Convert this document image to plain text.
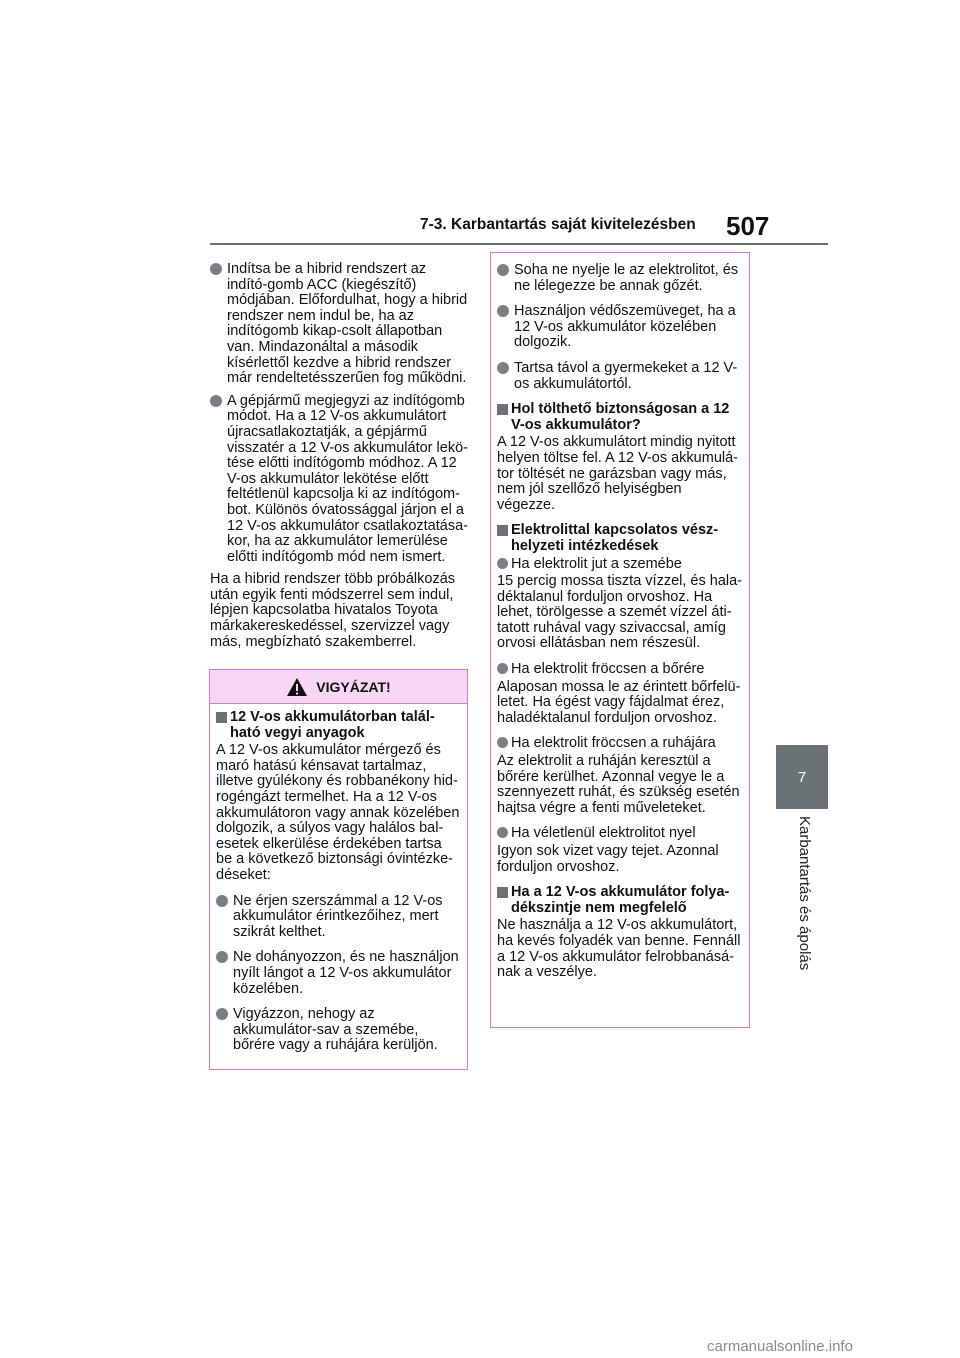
7-3. Karbantartás saját kivitelezésben 507
7
Karbantartás és ápolás
Indítsa be a hibrid rendszert az indító-gomb ACC (kiegészítő) módjában. Előfordulhat, hogy a hibrid rendszer nem indul be, ha az indítógomb kikap-csolt állapotban van. Mindazonáltal a második kísérlettől kezdve a hibrid rendszer már rendeltetésszerűen fog működni.
A gépjármű megjegyzi az indítógomb módot. Ha a 12 V-os akkumulátort újracsatlakoztatják, a gépjármű visszatér a 12 V-os akkumulátor lekö-tése előtti indítógomb módhoz. A 12 V-os akkumulátor lekötése előtt feltétlenül kapcsolja ki az indítógom-bot. Különös óvatossággal járjon el a 12 V-os akkumulátor csatlakoztatása-kor, ha az akkumulátor lemerülése előtti indítógomb mód nem ismert.

Ha a hibrid rendszer több próbálkozás után egyik fenti módszerrel sem indul, lépjen kapcsolatba hivatalos Toyota márkakereskedéssel, szervizzel vagy más, megbízható szakemberrel.

VIGYÁZAT!
12 V-os akkumulátorban talál-ható vegyi anyagok

A 12 V-os akkumulátor mérgező és maró hatású kénsavat tartalmaz, illetve gyúlékony és robbanékony hid-rogéngázt termelhet. Ha a 12 V-os akkumulátoron vagy annak közelében dolgozik, a súlyos vagy halálos bal-esetek elkerülése érdekében tartsa be a következő biztonsági óvintézke-déseket:

Ne érjen szerszámmal a 12 V-os akkumulátor érintkezőihez, mert szikrát kelthet.
Ne dohányozzon, és ne használjon nyílt lángot a 12 V-os akkumulátor közelében.
Vigyázzon, nehogy az akkumulátor-sav a szemébe, bőrére vagy a ruhájára kerüljön.
Soha ne nyelje le az elektrolitot, és ne lélegezze be annak gőzét.
Használjon védőszemüveget, ha a 12 V-os akkumulátor közelében dolgozik.
Tartsa távol a gyermekeket a 12 V-os akkumulátortól.
Hol tölthető biztonságosan a 12 V-os akkumulátor?

A 12 V-os akkumulátort mindig nyitott helyen töltse fel. A 12 V-os akkumulá-tor töltését ne garázsban vagy más, nem jól szellőző helyiségben végezze.

Elektrolittal kapcsolatos vész-helyzeti intézkedések
Ha elektrolit jut a szemébe

15 percig mossa tiszta vízzel, és hala-déktalanul forduljon orvoshoz. Ha lehet, törölgesse a szemét vízzel áti-tatott ruhával vagy szivaccsal, amíg orvosi ellátásban nem részesül.

Ha elektrolit fröccsen a bőrére

Alaposan mossa le az érintett bőrfelü-letet. Ha égést vagy fájdalmat érez, haladéktalanul forduljon orvoshoz.

Ha elektrolit fröccsen a ruhájára

Az elektrolit a ruháján keresztül a bőrére kerülhet. Azonnal vegye le a szennyezett ruhát, és szükség esetén hajtsa végre a fenti műveleteket.

Ha véletlenül elektrolitot nyel

Igyon sok vizet vagy tejet. Azonnal forduljon orvoshoz.

Ha a 12 V-os akkumulátor folya-dékszintje nem megfelelő

Ne használja a 12 V-os akkumulátort, ha kevés folyadék van benne. Fennáll a 12 V-os akkumulátor felrobbanásá-nak a veszélye.

carmanualsonline.info
